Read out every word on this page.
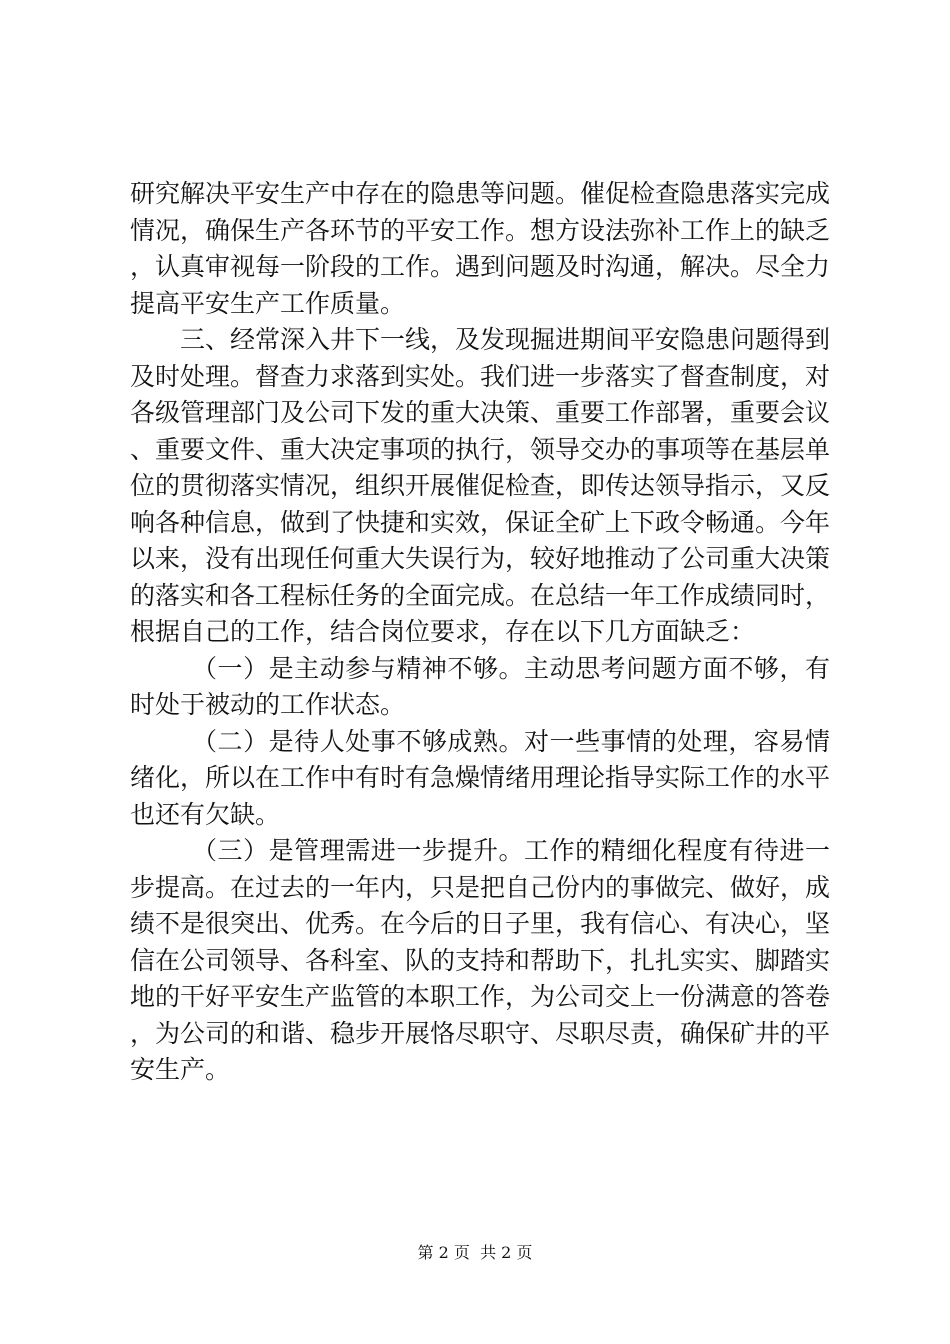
研究解决平安生产中存在的隐患等问题。催促检查隐患落实完成情况，确保生产各环节的平安工作。想方设法弥补工作上的缺乏，认真审视每一阶段的工作。遇到问题及时沟通，解决。尽全力提高平安生产工作质量。

三、经常深入井下一线，及发现掘进期间平安隐患问题得到及时处理。督查力求落到实处。我们进一步落实了督查制度，对各级管理部门及公司下发的重大决策、重要工作部署，重要会议、重要文件、重大决定事项的执行，领导交办的事项等在基层单位的贯彻落实情况，组织开展催促检查，即传达领导指示，又反响各种信息，做到了快捷和实效，保证全矿上下政令畅通。今年以来，没有出现任何重大失误行为，较好地推动了公司重大决策的落实和各工程标任务的全面完成。在总结一年工作成绩同时，根据自己的工作，结合岗位要求，存在以下几方面缺乏：

（一）是主动参与精神不够。主动思考问题方面不够，有时处于被动的工作状态。

（二）是待人处事不够成熟。对一些事情的处理，容易情绪化，所以在工作中有时有急燥情绪用理论指导实际工作的水平也还有欠缺。

（三）是管理需进一步提升。工作的精细化程度有待进一步提高。在过去的一年内，只是把自己份内的事做完、做好，成绩不是很突出、优秀。在今后的日子里，我有信心、有决心，坚信在公司领导、各科室、队的支持和帮助下，扎扎实实、脚踏实地的干好平安生产监管的本职工作，为公司交上一份满意的答卷，为公司的和谐、稳步开展恪尽职守、尽职尽责，确保矿井的平安生产。

第 2 页  共 2 页
